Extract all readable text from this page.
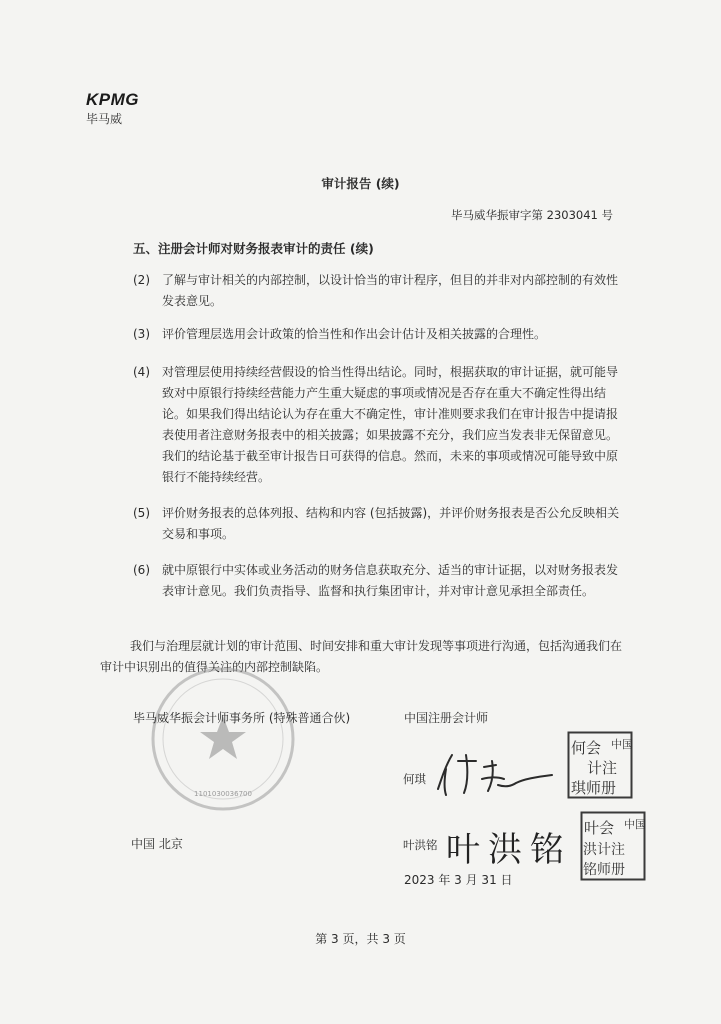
KPMG
毕马威
审计报告 (续)
毕马威华振审字第 2303041 号
五、注册会计师对财务报表审计的责任 (续)
(2) 了解与审计相关的内部控制，以设计恰当的审计程序，但目的并非对内部控制的有效性发表意见。
(3) 评价管理层选用会计政策的恰当性和作出会计估计及相关披露的合理性。
(4) 对管理层使用持续经营假设的恰当性得出结论。同时，根据获取的审计证据，就可能导致对中原银行持续经营能力产生重大疑虑的事项或情况是否存在重大不确定性得出结论。如果我们得出结论认为存在重大不确定性，审计准则要求我们在审计报告中提请报表使用者注意财务报表中的相关披露；如果披露不充分，我们应当发表非无保留意见。我们的结论基于截至审计报告日可获得的信息。然而，未来的事项或情况可能导致中原银行不能持续经营。
(5) 评价财务报表的总体列报、结构和内容 (包括披露)，并评价财务报表是否公允反映相关交易和事项。
(6) 就中原银行中实体或业务活动的财务信息获取充分、适当的审计证据，以对财务报表发表审计意见。我们负责指导、监督和执行集团审计，并对审计意见承担全部责任。
我们与治理层就计划的审计范围、时间安排和重大审计发现等事项进行沟通，包括沟通我们在审计中识别出的值得关注的内部控制缺陷。
1101030036700
毕马威华振会计师事务所 (特殊普通合伙)	中国注册会计师
何琪
何会 中国
计注
琪师册
叶洪铭 叶洪铭
叶会 中国
洪计注
铭师册
中国 北京
2023 年 3 月 31 日
第 3 页，共 3 页
